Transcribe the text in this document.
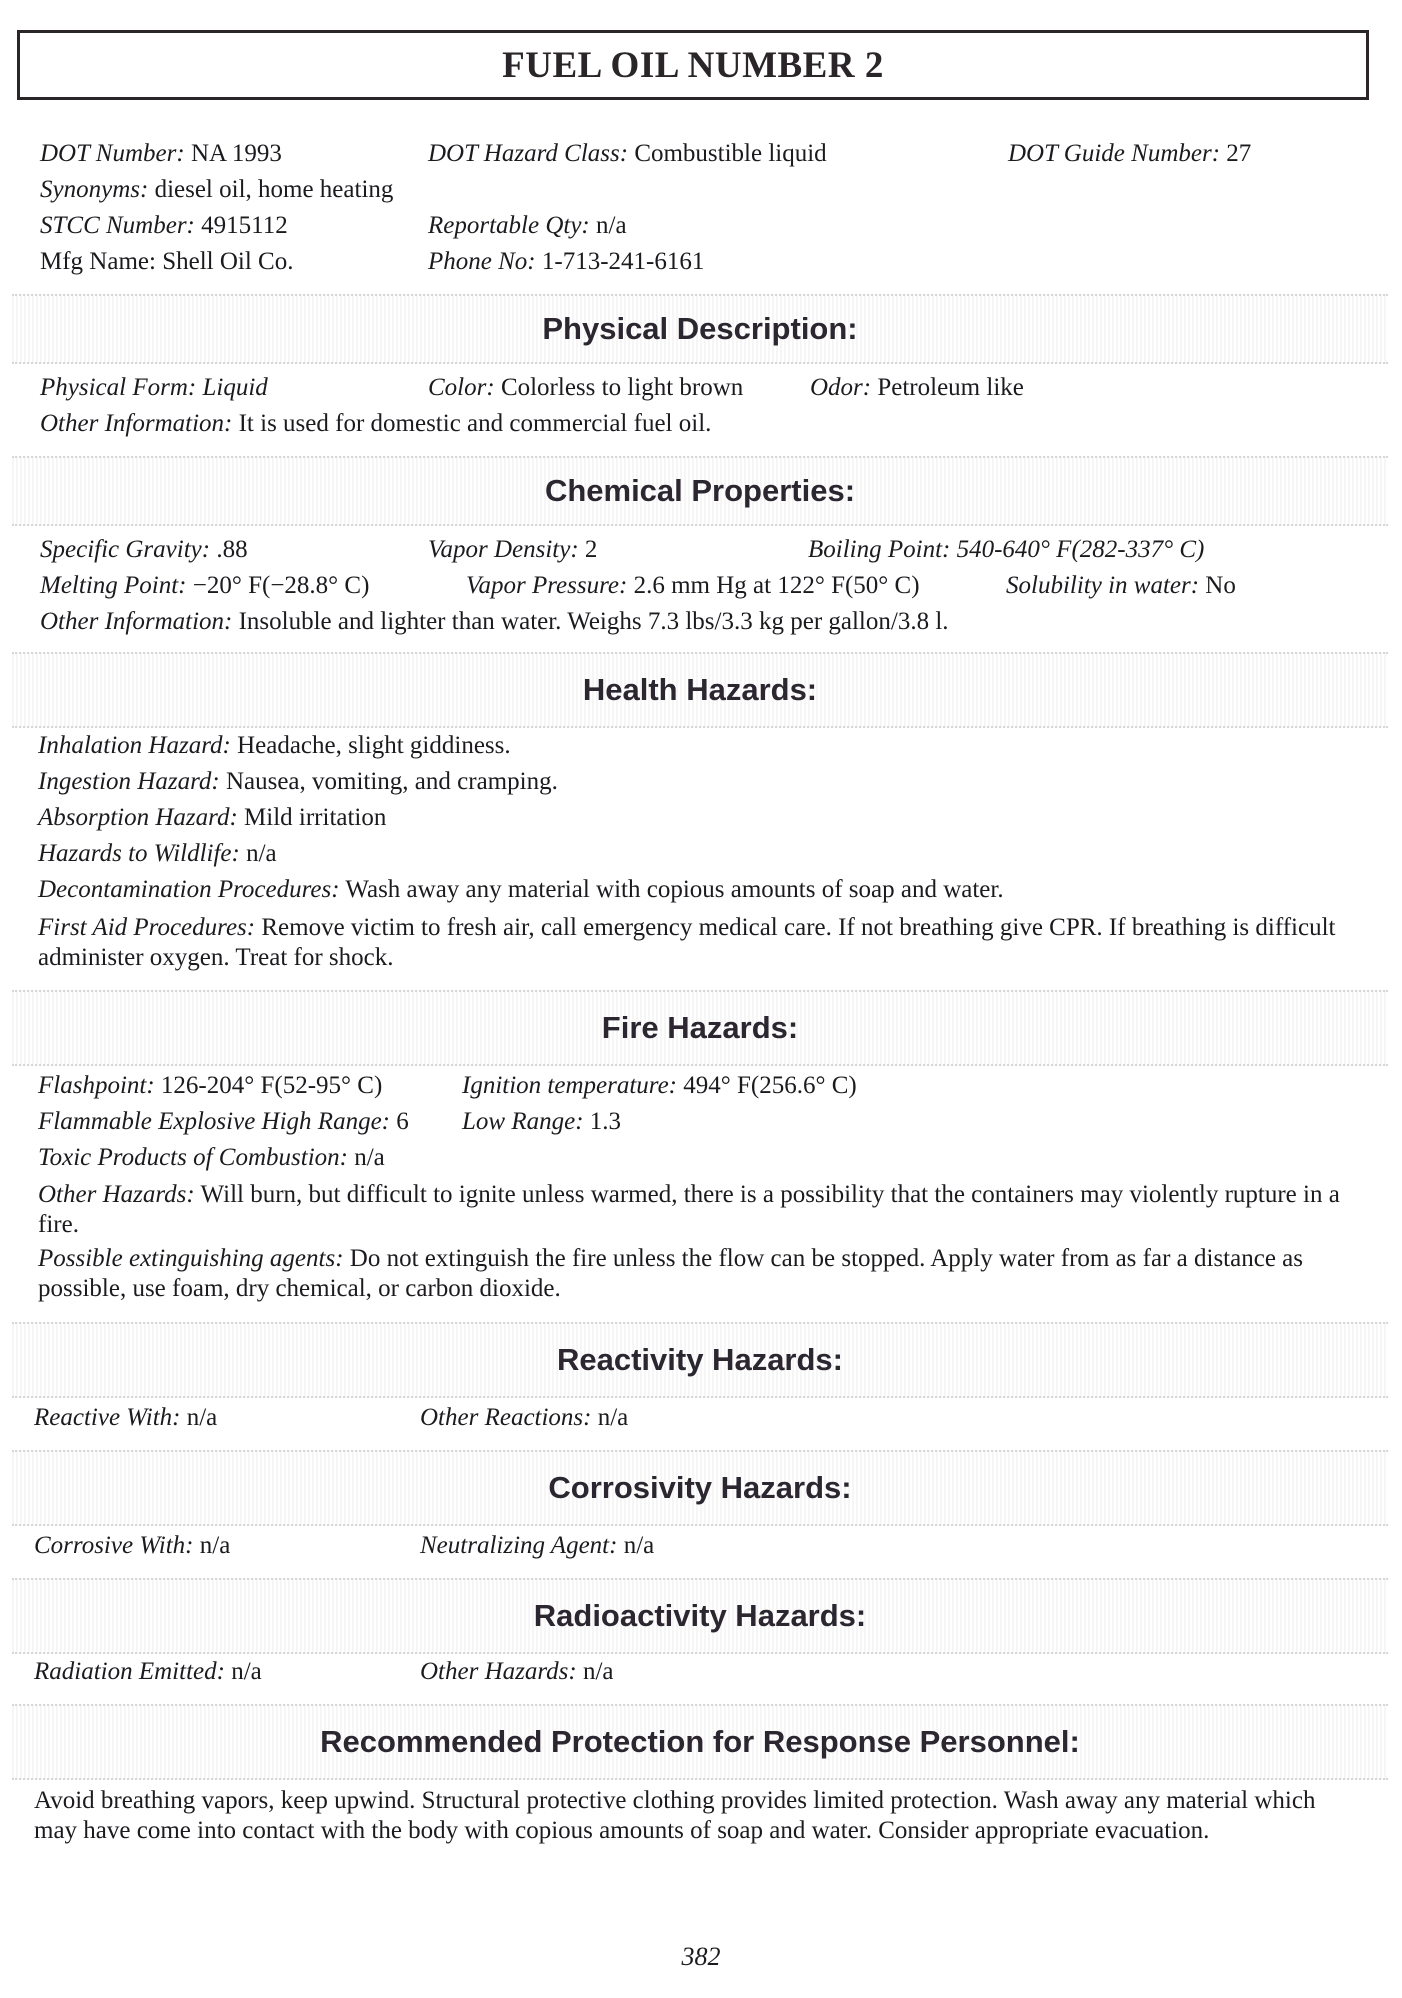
FUEL OIL NUMBER 2
DOT Number: NA 1993	DOT Hazard Class: Combustible liquid	DOT Guide Number: 27
Synonyms: diesel oil, home heating
STCC Number: 4915112	Reportable Qty: n/a
Mfg Name: Shell Oil Co.	Phone No: 1-713-241-6161
Physical Description:
Physical Form: Liquid	Color: Colorless to light brown	Odor: Petroleum like
Other Information: It is used for domestic and commercial fuel oil.
Chemical Properties:
Specific Gravity: .88	Vapor Density: 2	Boiling Point: 540-640° F(282-337° C)
Melting Point: −20° F(−28.8° C)	Vapor Pressure: 2.6 mm Hg at 122° F(50° C)	Solubility in water: No
Other Information: Insoluble and lighter than water. Weighs 7.3 lbs/3.3 kg per gallon/3.8 l.
Health Hazards:
Inhalation Hazard: Headache, slight giddiness.
Ingestion Hazard: Nausea, vomiting, and cramping.
Absorption Hazard: Mild irritation
Hazards to Wildlife: n/a
Decontamination Procedures: Wash away any material with copious amounts of soap and water.
First Aid Procedures: Remove victim to fresh air, call emergency medical care. If not breathing give CPR. If breathing is difficult administer oxygen. Treat for shock.
Fire Hazards:
Flashpoint: 126-204° F(52-95° C)	Ignition temperature: 494° F(256.6° C)
Flammable Explosive High Range: 6 Low Range: 1.3
Toxic Products of Combustion: n/a
Other Hazards: Will burn, but difficult to ignite unless warmed, there is a possibility that the containers may violently rupture in a fire.
Possible extinguishing agents: Do not extinguish the fire unless the flow can be stopped. Apply water from as far a distance as possible, use foam, dry chemical, or carbon dioxide.
Reactivity Hazards:
Reactive With: n/a	Other Reactions: n/a
Corrosivity Hazards:
Corrosive With: n/a	Neutralizing Agent: n/a
Radioactivity Hazards:
Radiation Emitted: n/a	Other Hazards: n/a
Recommended Protection for Response Personnel:
Avoid breathing vapors, keep upwind. Structural protective clothing provides limited protection. Wash away any material which may have come into contact with the body with copious amounts of soap and water. Consider appropriate evacuation.
382
